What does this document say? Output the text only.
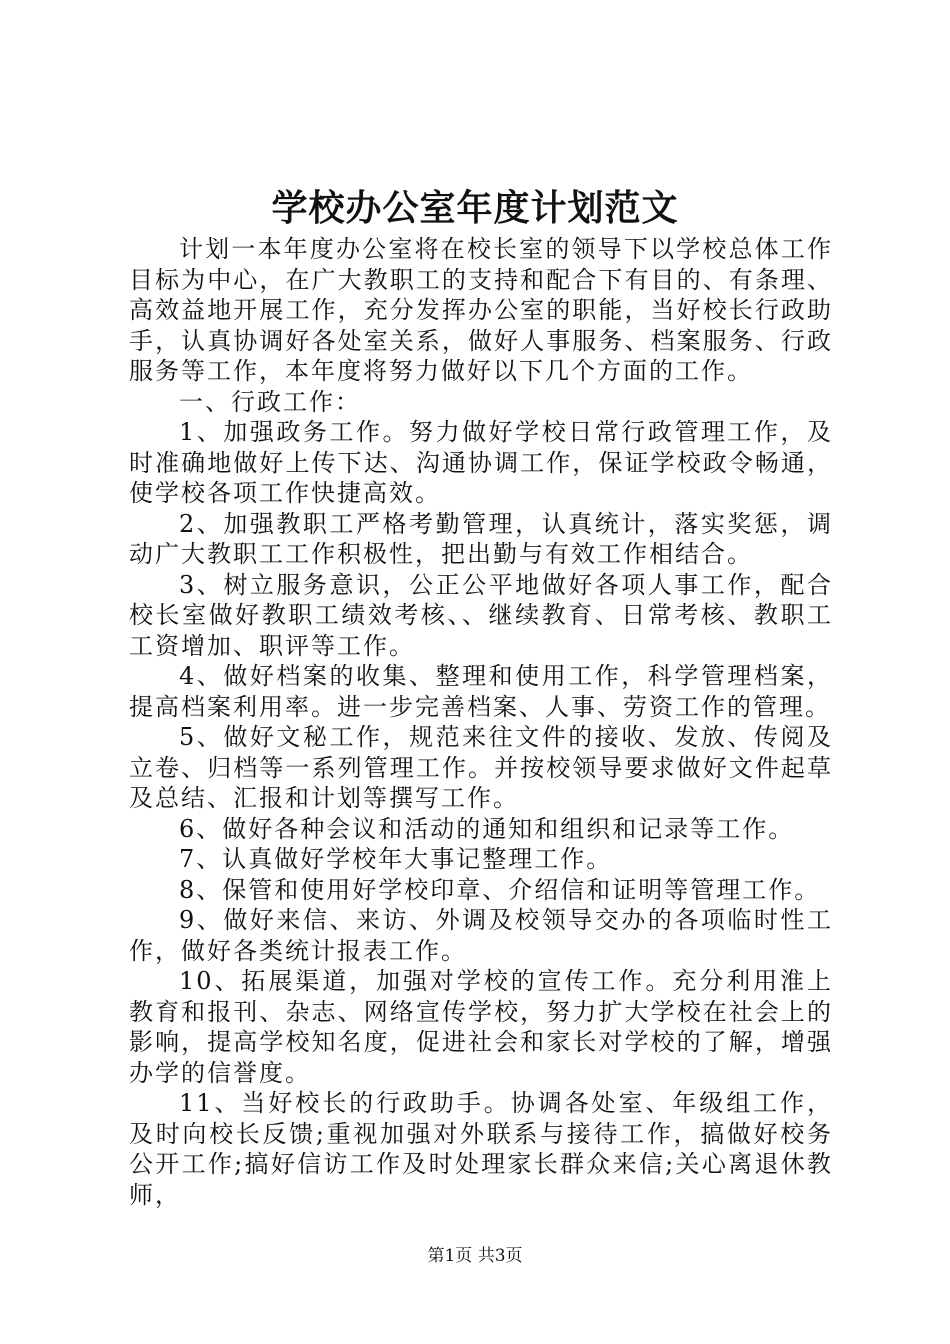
学校办公室年度计划范文

计划一本年度办公室将在校长室的领导下以学校总体工作目标为中心，在广大教职工的支持和配合下有目的、有条理、高效益地开展工作，充分发挥办公室的职能，当好校长行政助手，认真协调好各处室关系，做好人事服务、档案服务、行政服务等工作，本年度将努力做好以下几个方面的工作。

一、行政工作：

1、加强政务工作。努力做好学校日常行政管理工作，及时准确地做好上传下达、沟通协调工作，保证学校政令畅通，使学校各项工作快捷高效。

2、加强教职工严格考勤管理，认真统计，落实奖惩，调动广大教职工工作积极性，把出勤与有效工作相结合。

3、树立服务意识，公正公平地做好各项人事工作，配合校长室做好教职工绩效考核、、继续教育、日常考核、教职工工资增加、职评等工作。

4、做好档案的收集、整理和使用工作，科学管理档案，提高档案利用率。进一步完善档案、人事、劳资工作的管理。

5、做好文秘工作，规范来往文件的接收、发放、传阅及立卷、归档等一系列管理工作。并按校领导要求做好文件起草及总结、汇报和计划等撰写工作。

6、做好各种会议和活动的通知和组织和记录等工作。

7、认真做好学校年大事记整理工作。

8、保管和使用好学校印章、介绍信和证明等管理工作。

9、做好来信、来访、外调及校领导交办的各项临时性工作，做好各类统计报表工作。

10、拓展渠道，加强对学校的宣传工作。充分利用淮上教育和报刊、杂志、网络宣传学校，努力扩大学校在社会上的影响，提高学校知名度，促进社会和家长对学校的了解，增强办学的信誉度。

11、当好校长的行政助手。协调各处室、年级组工作，及时向校长反馈;重视加强对外联系与接待工作，搞做好校务公开工作;搞好信访工作及时处理家长群众来信;关心离退休教师，

第1页 共3页
